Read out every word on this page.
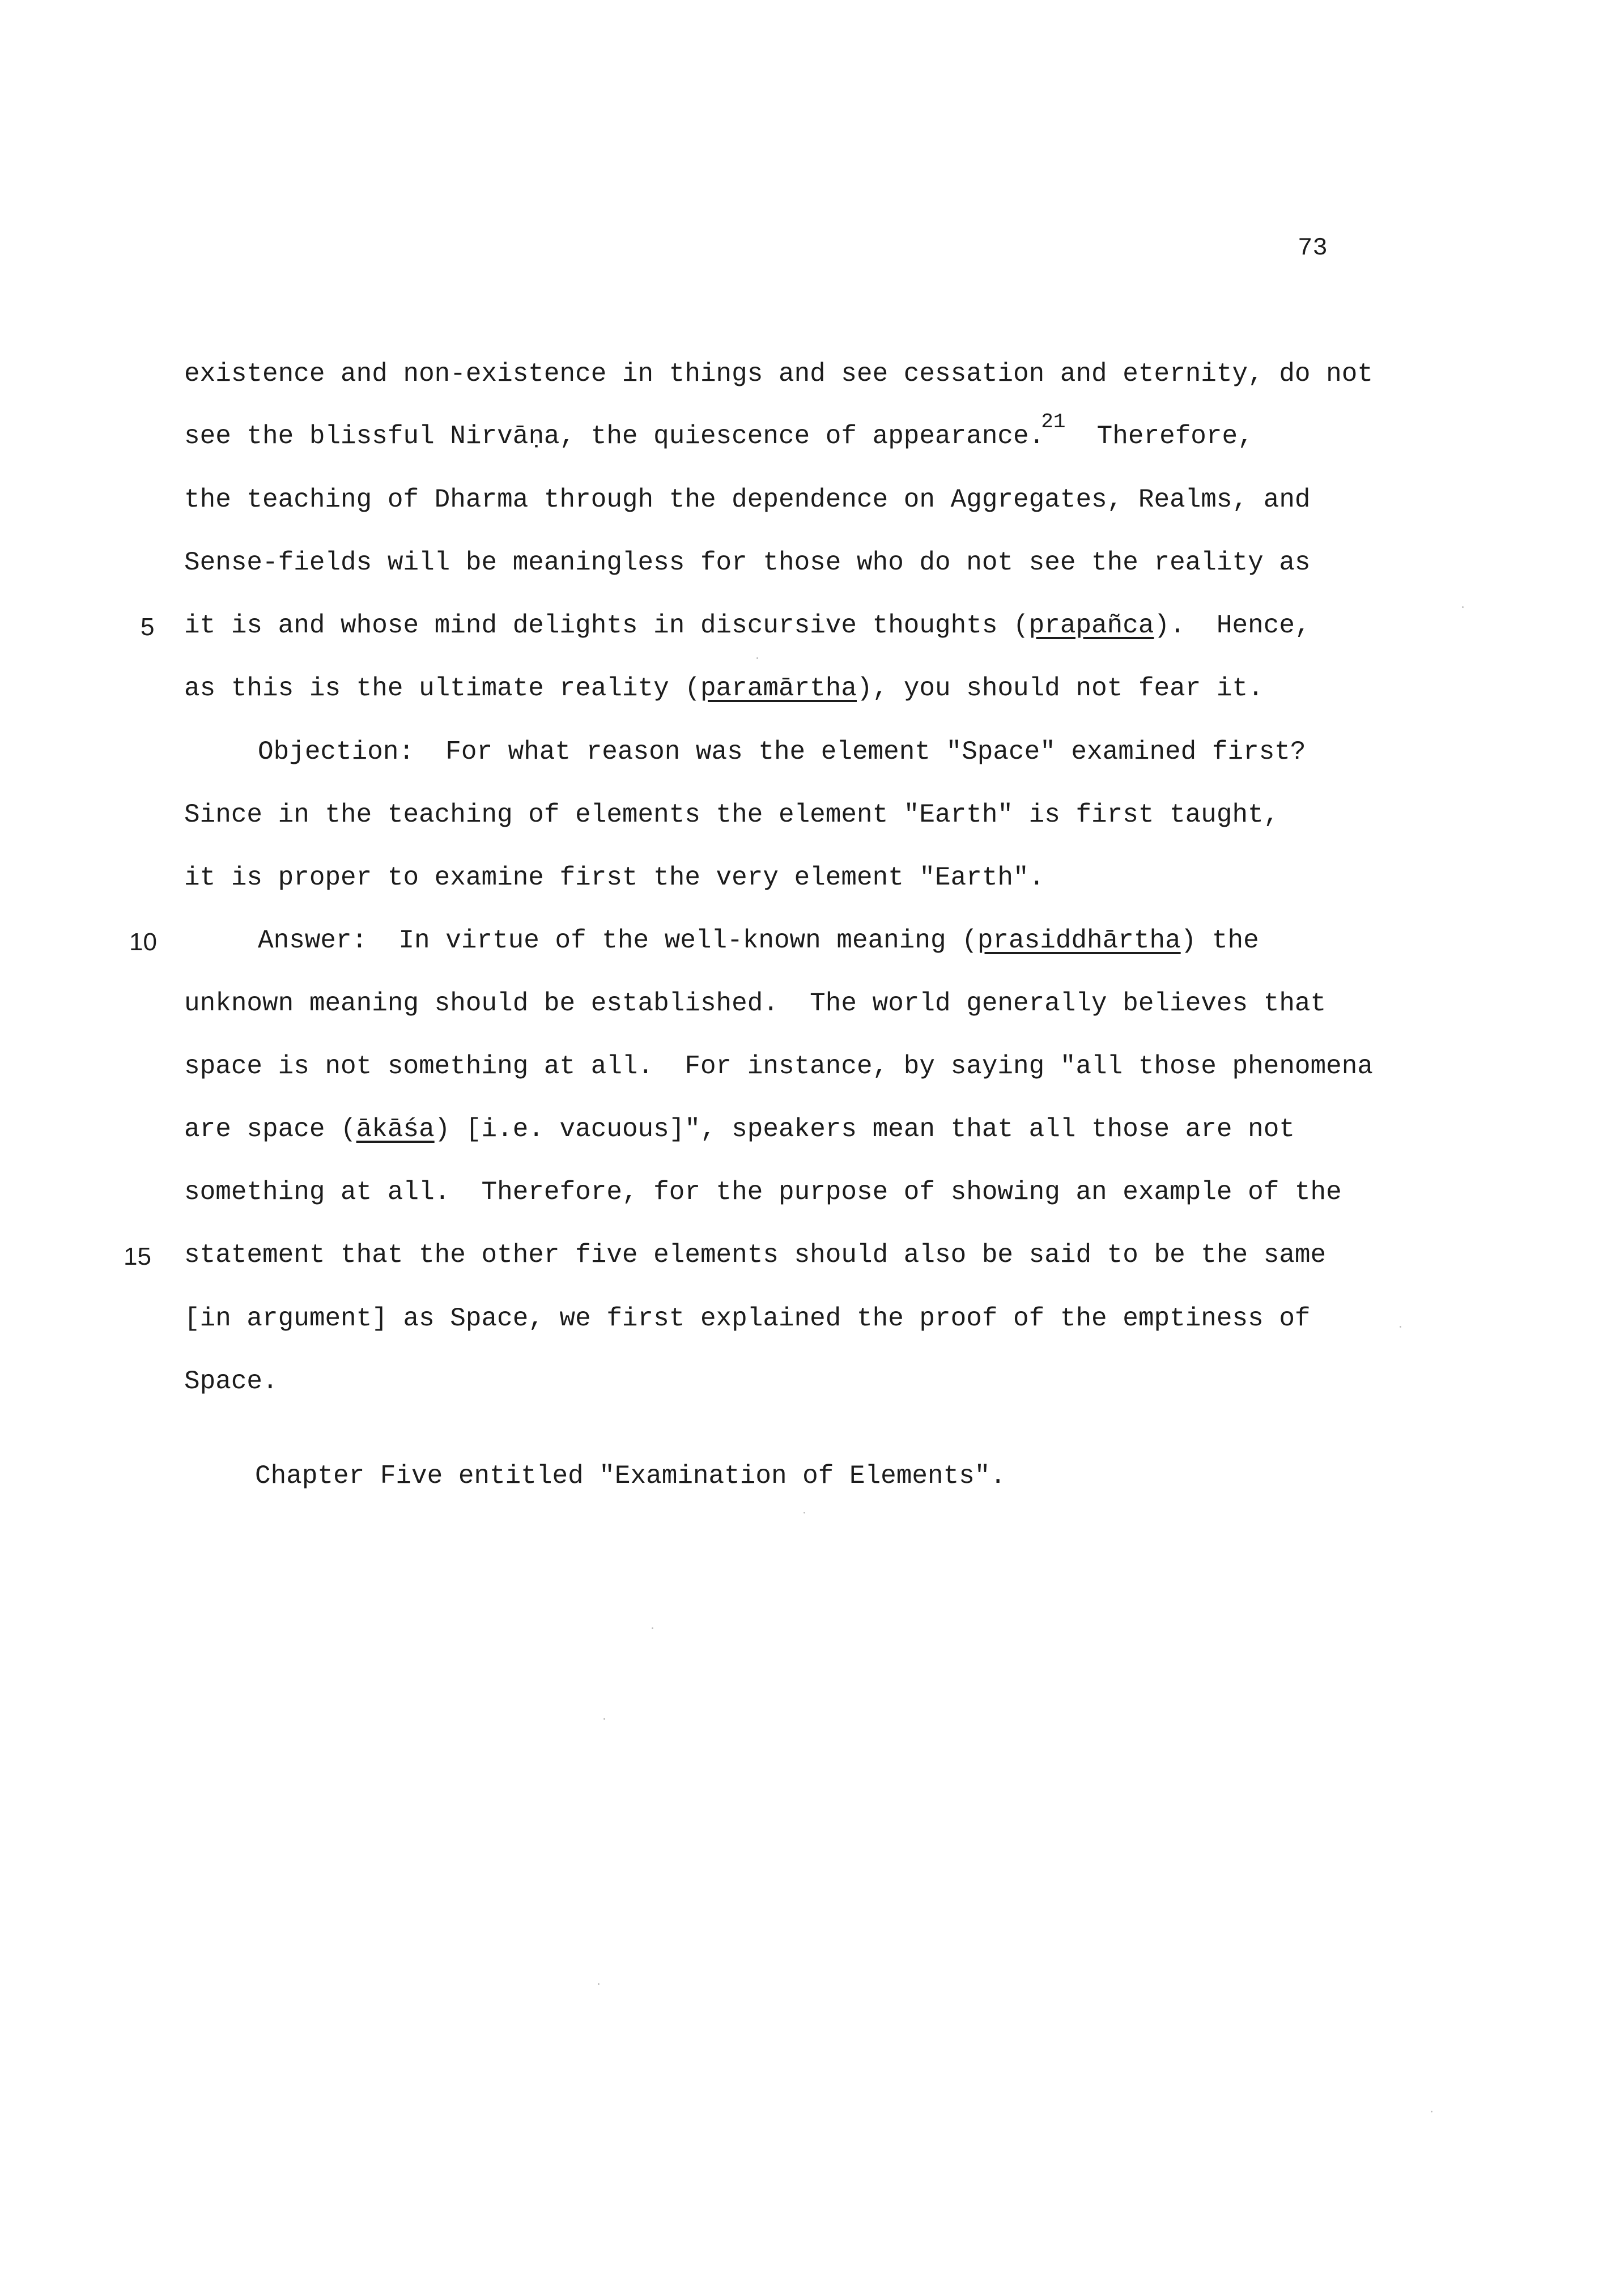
73
existence and non-existence in things and see cessation and eternity, do not
see the blissful Nirvāṇa, the quiescence of appearance.$^{21}$  Therefore,
the teaching of Dharma through the dependence on Aggregates, Realms, and
Sense-fields will be meaningless for those who do not see the reality as
5 it is and whose mind delights in discursive thoughts (prapañca).  Hence,
as this is the ultimate reality (paramārtha), you should not fear it.
Objection:  For what reason was the element "Space" examined first?
Since in the teaching of elements the element "Earth" is first taught,
it is proper to examine first the very element "Earth".
10	Answer:  In virtue of the well-known meaning (prasiddhārtha) the
unknown meaning should be established.  The world generally believes that
space is not something at all.  For instance, by saying "all those phenomena
are space (ākāśa) [i.e. vacuous]", speakers mean that all those are not
something at all.  Therefore, for the purpose of showing an example of the
15 statement that the other five elements should also be said to be the same
[in argument] as Space, we first explained the proof of the emptiness of
Space.
Chapter Five entitled "Examination of Elements".
